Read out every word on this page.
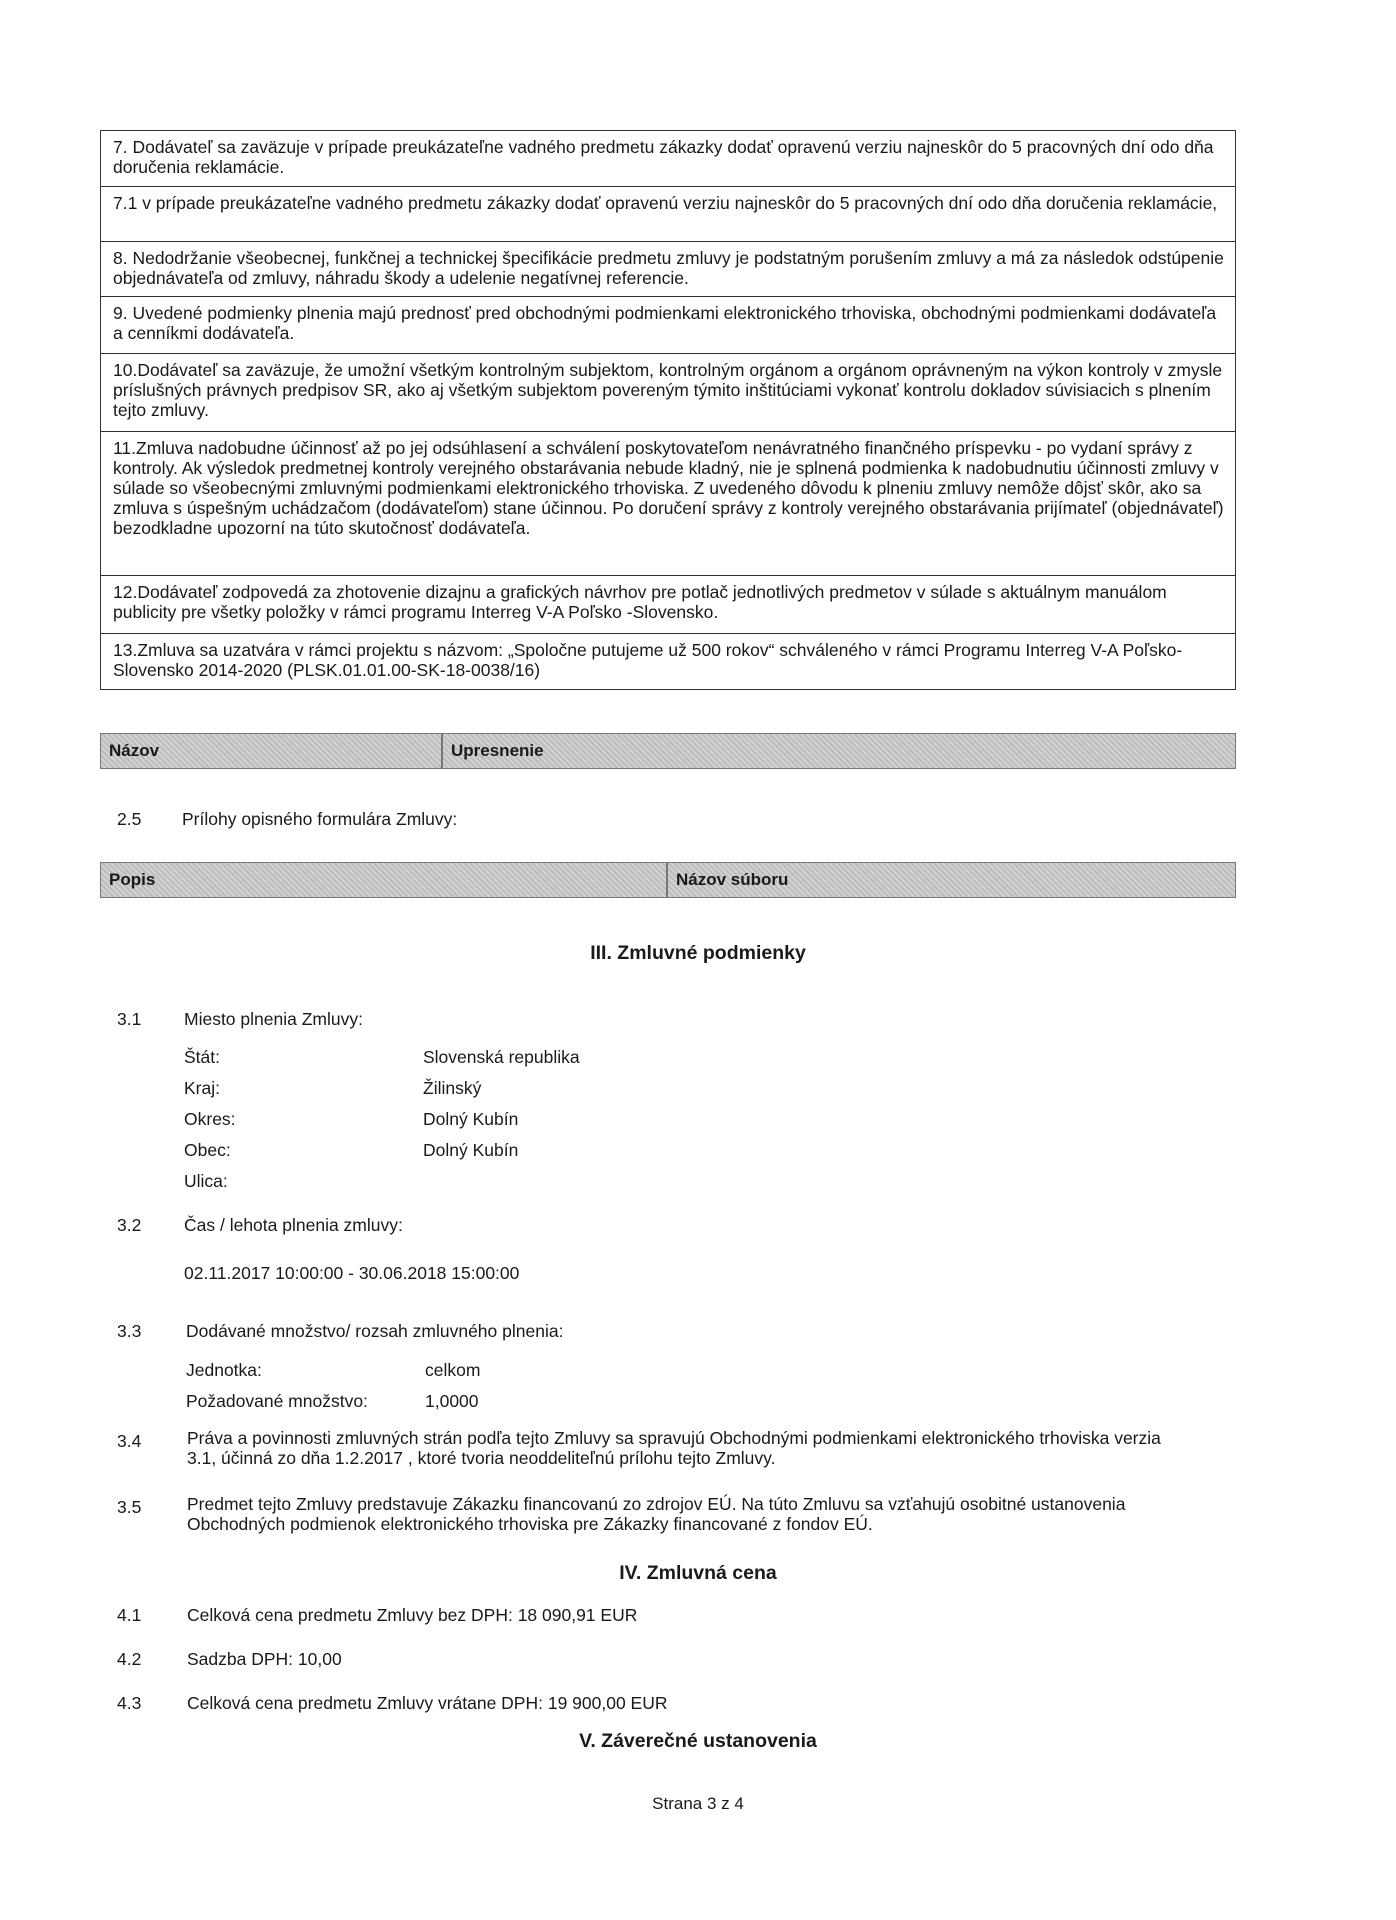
7. Dodávateľ sa zaväzuje v prípade preukázateľne vadného predmetu zákazky dodať opravenú verziu najneskôr do 5 pracovných dní odo dňa doručenia reklamácie.
7.1 v prípade preukázateľne vadného predmetu zákazky dodať opravenú verziu najneskôr do 5 pracovných dní odo dňa doručenia reklamácie,
8. Nedodržanie všeobecnej, funkčnej a technickej špecifikácie predmetu zmluvy je podstatným porušením zmluvy a má za následok odstúpenie objednávateľa od zmluvy, náhradu škody a udelenie negatívnej referencie.
9. Uvedené podmienky plnenia majú prednosť pred obchodnými podmienkami elektronického trhoviska, obchodnými podmienkami dodávateľa a cenníkmi dodávateľa.
10.Dodávateľ sa zaväzuje, že umožní všetkým kontrolným subjektom, kontrolným orgánom a orgánom oprávneným na výkon kontroly v zmysle príslušných právnych predpisov SR, ako aj všetkým subjektom povereným týmito inštitúciami vykonať kontrolu dokladov súvisiacich s plnením tejto zmluvy.
11.Zmluva nadobudne účinnosť až po jej odsúhlasení a schválení poskytovateľom nenávratného finančného príspevku - po vydaní správy z kontroly. Ak výsledok predmetnej kontroly verejného obstarávania nebude kladný, nie je splnená podmienka k nadobudnutiu účinnosti zmluvy v súlade so všeobecnými zmluvnými podmienkami elektronického trhoviska. Z uvedeného dôvodu k plneniu zmluvy nemôže dôjsť skôr, ako sa zmluva s úspešným uchádzačom (dodávateľom) stane účinnou. Po doručení správy z kontroly verejného obstarávania prijímateľ (objednávateľ) bezodkladne upozorní na túto skutočnosť dodávateľa.
12.Dodávateľ zodpovedá za zhotovenie dizajnu a grafických návrhov pre potlač jednotlivých predmetov v súlade s aktuálnym manuálom publicity pre všetky položky v rámci programu Interreg V-A Poľsko -Slovensko.
13.Zmluva sa uzatvára v rámci projektu s názvom: „Spoločne putujeme už 500 rokov“ schváleného v rámci Programu Interreg V-A Poľsko-Slovensko 2014-2020 (PLSK.01.01.00-SK-18-0038/16)
Názov	Upresnenie
2.5 Prílohy opisného formulára Zmluvy:
Popis	Názov súboru
III. Zmluvné podmienky
3.1 Miesto plnenia Zmluvy:
Štát:	Slovenská republika
Kraj:	Žilinský
Okres:	Dolný Kubín
Obec:	Dolný Kubín
Ulica:
3.2 Čas / lehota plnenia zmluvy:
02.11.2017 10:00:00 - 30.06.2018 15:00:00
3.3	Dodávané množstvo/ rozsah zmluvného plnenia:
Jednotka:	celkom
Požadované množstvo:	1,0000
3.4	Práva a povinnosti zmluvných strán podľa tejto Zmluvy sa spravujú Obchodnými podmienkami elektronického trhoviska verzia 3.1, účinná zo dňa 1.2.2017 , ktoré tvoria neoddeliteľnú prílohu tejto Zmluvy.
3.5	Predmet tejto Zmluvy predstavuje Zákazku financovanú zo zdrojov EÚ. Na túto Zmluvu sa vzťahujú osobitné ustanovenia Obchodných podmienok elektronického trhoviska pre Zákazky financované z fondov EÚ.
IV. Zmluvná cena
4.1	Celková cena predmetu Zmluvy bez DPH: 18 090,91 EUR
4.2	Sadzba DPH: 10,00
4.3	Celková cena predmetu Zmluvy vrátane DPH: 19 900,00 EUR
V. Záverečné ustanovenia
Strana 3 z 4
